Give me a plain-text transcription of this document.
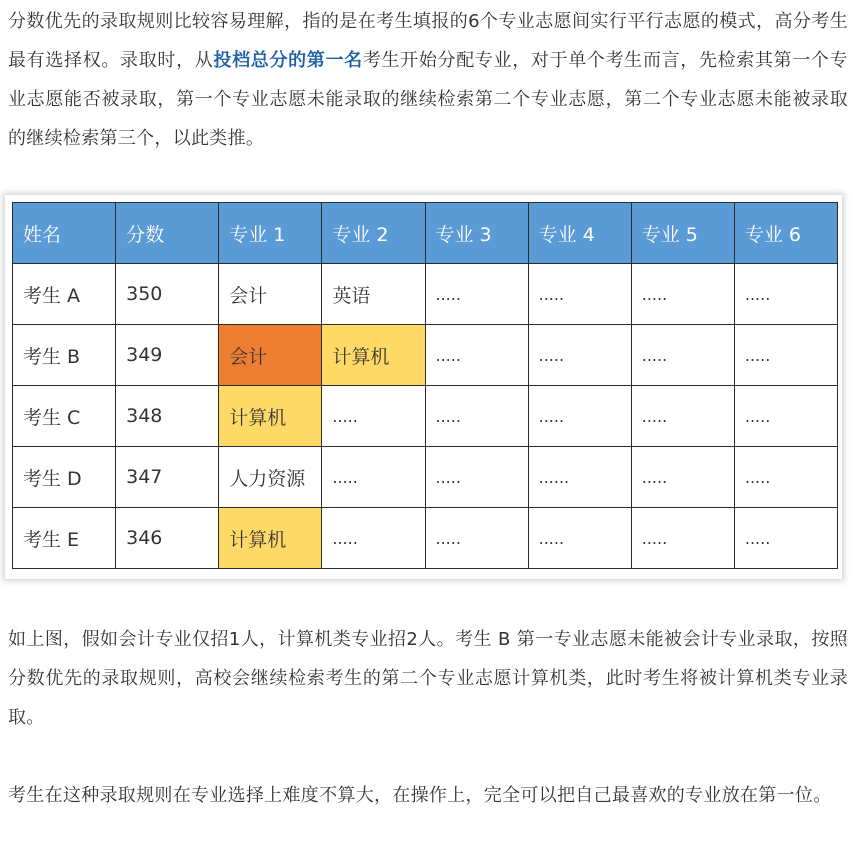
分数优先的录取规则比较容易理解，指的是在考生填报的6个专业志愿间实行平行志愿的模式，高分考生最有选择权。录取时，从投档总分的第一名考生开始分配专业，对于单个考生而言，先检索其第一个专业志愿能否被录取，第一个专业志愿未能录取的继续检索第二个专业志愿，第二个专业志愿未能被录取的继续检索第三个，以此类推。

姓名	分数	专业 1	专业 2	专业 3	专业 4	专业 5	专业 6
考生 A	350	会计	英语	.....	.....	.....	.....
考生 B	349	会计	计算机	.....	.....	.....	.....
考生 C	348	计算机	.....	.....	.....	.....	.....
考生 D	347	人力资源	.....	.....	......	.....	.....
考生 E	346	计算机	.....	.....	.....	.....	.....

如上图，假如会计专业仅招1人，计算机类专业招2人。考生 B 第一专业志愿未能被会计专业录取，按照分数优先的录取规则，高校会继续检索考生的第二个专业志愿计算机类，此时考生将被计算机类专业录取。

考生在这种录取规则在专业选择上难度不算大，在操作上，完全可以把自己最喜欢的专业放在第一位。
